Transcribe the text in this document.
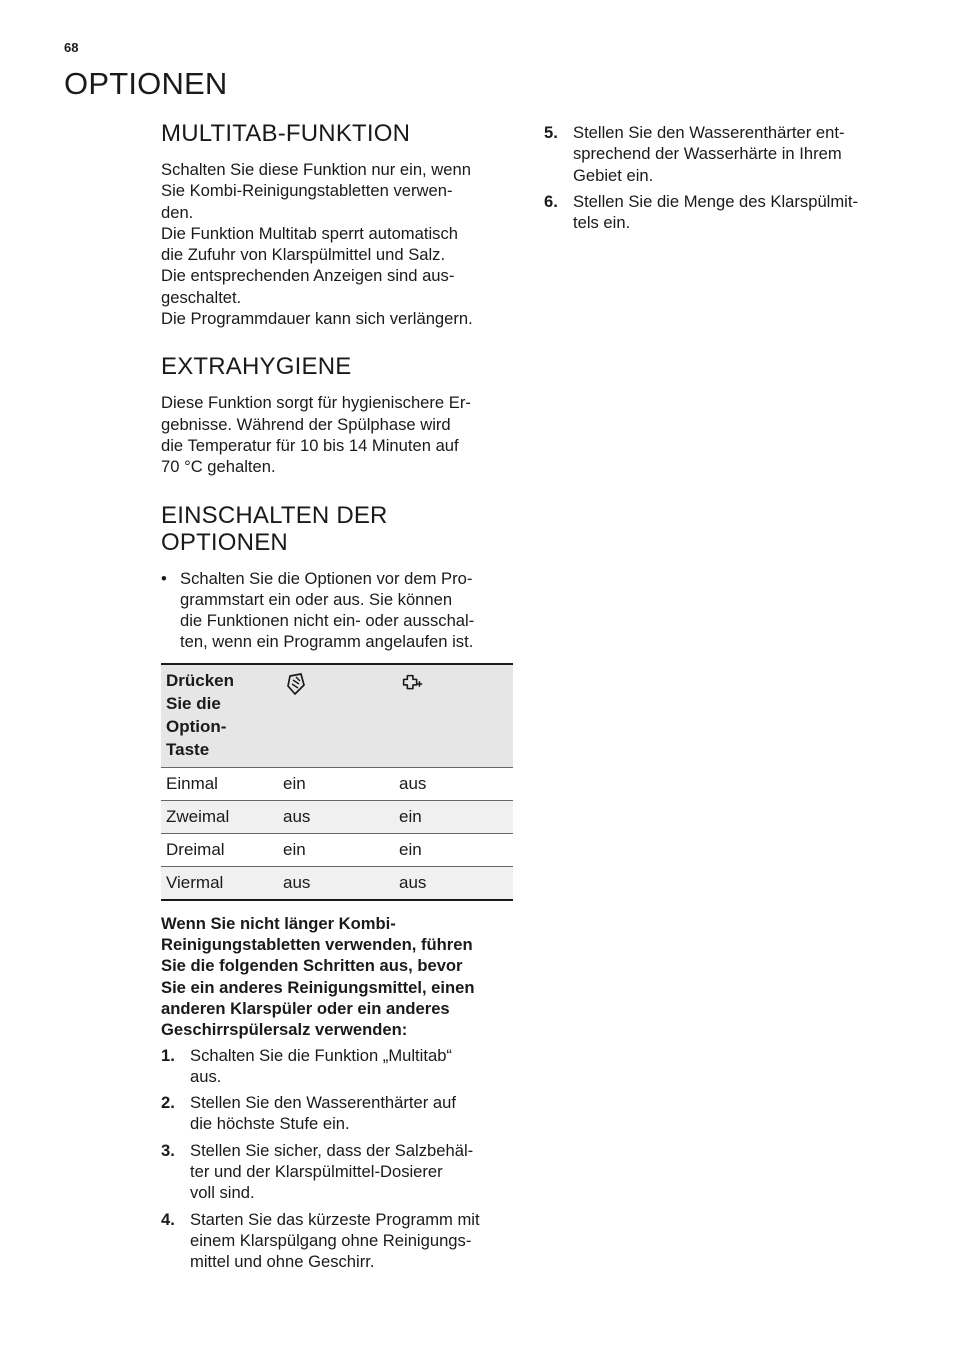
68
OPTIONEN
MULTITAB-FUNKTION

Schalten Sie diese Funktion nur ein, wenn
Sie Kombi-Reinigungstabletten verwen-
den.
Die Funktion Multitab sperrt automatisch
die Zufuhr von Klarspülmittel und Salz.
Die entsprechenden Anzeigen sind aus-
geschaltet.
Die Programmdauer kann sich verlängern.

EXTRAHYGIENE

Diese Funktion sorgt für hygienischere Er-
gebnisse. Während der Spülphase wird
die Temperatur für 10 bis 14 Minuten auf
70 °C gehalten.

EINSCHALTEN DER
OPTIONEN
• Schalten Sie die Optionen vor dem Pro-
grammstart ein oder aus. Sie können
die Funktionen nicht ein- oder ausschal-
ten, wenn ein Programm angelaufen ist.
Drücken
Sie die
Option-
Taste		
Einmal	ein	aus
Zweimal	aus	ein
Dreimal	ein	ein
Viermal	aus	aus
Wenn Sie nicht länger Kombi-
Reinigungstabletten verwenden, führen
Sie die folgenden Schritten aus, bevor
Sie ein anderes Reinigungsmittel, einen
anderen Klarspüler oder ein anderes
Geschirrspülersalz verwenden:
1. Schalten Sie die Funktion „Multitab“
aus.
2. Stellen Sie den Wasserenthärter auf
die höchste Stufe ein.
3. Stellen Sie sicher, dass der Salzbehäl-
ter und der Klarspülmittel-Dosierer
voll sind.
4. Starten Sie das kürzeste Programm mit
einem Klarspülgang ohne Reinigungs-
mittel und ohne Geschirr.
5. Stellen Sie den Wasserenthärter ent-
sprechend der Wasserhärte in Ihrem
Gebiet ein.
6. Stellen Sie die Menge des Klarspülmit-
tels ein.
